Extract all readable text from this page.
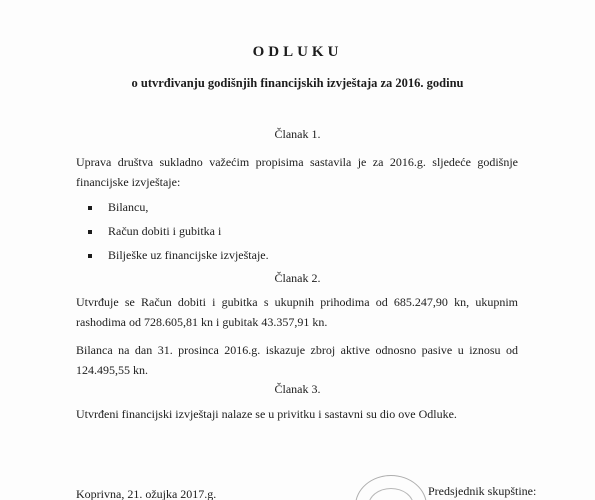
ODLUKU
o utvrđivanju godišnjih financijskih izvještaja za 2016. godinu
Članak 1.
Uprava društva sukladno važećim propisima sastavila je za 2016.g. sljedeće godišnje financijske izvještaje:
Bilancu,
Račun dobiti i gubitka i
Bilješke uz financijske izvještaje.
Članak 2.
Utvrđuje se Račun dobiti i gubitka s ukupnih prihodima od 685.247,90 kn, ukupnim rashodima od 728.605,81 kn i gubitak 43.357,91 kn.
Bilanca na dan 31. prosinca 2016.g. iskazuje zbroj aktive odnosno pasive u iznosu od 124.495,55 kn.
Članak 3.
Utvrđeni financijski izvještaji nalaze se u privitku i sastavni su dio ove Odluke.
Koprivna, 21. ožujka 2017.g.	Predsjednik skupštine:
